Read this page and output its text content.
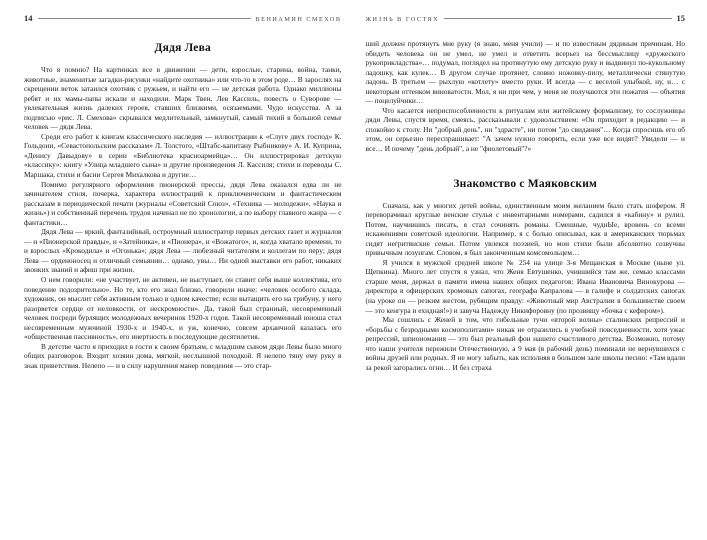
14	ВЕНИАМИН СМЕХОВ
Дядя Лева

Что я помню? На картинках все в движении — дети, взрослые, старина, война, танки, животные, знаменитые загадки-рисунки «найдите охотника» или что-то в этом роде… В зарослях на скрещении веток затаился охотник с ружьем, и найти его — не детская работа. Однако миллионы ребят и их мамы-папы искали и находили. Марк Твен, Лев Кассиль, повесть о Суворове — увлекательная жизнь далеких героев, ставших близкими, осязаемыми. Чудо искусства. А за подписью «рис. Л. Смехова» скрывался медлительный, замкнутый, самый тихий в большой семье человек — дядя Лева.

Среди его работ к книгам классического наследия — иллюстрации к «Слуге двух господ» К. Гольдони, «Севастопольским рассказам» Л. Толстого, «Штабс-капитану Рыбникову» А. И. Куприна, «Денису Давыдову» в серии «Библиотека красноармейца»… Он иллюстрировал детскую «классику»: книгу «Улица младшего сына» и другие произведения Л. Кассиля; стихи и переводы С. Маршака, стихи и басни Сергея Михалкова и другие…

Помимо регулярного оформления пионерской прессы, дядя Лева оказался едва ли не зачинателем стиля, почерка, характера иллюстраций к приключенческим и фантастическим рассказам в периодической печати (журналы «Советский Союз», «Техника — молодежи», «Наука и жизнь») и собственный перечень трудов начинал не по хронологии, а по выбору главного жанра — с фантастики…

Дядя Лева — яркий, фантазийный, остроумный иллюстратор первых детских газет и журналов — и «Пионерской правды», и «Затейника», и «Пионера», и «Вожатого», и, когда хватало времени, то и взрослых «Крокодила» и «Огонька»; дядя Лева — любезный читателям и коллегам по перу; дядя Лева — орденоносец и отличный семьянин… однако, увы… Ни одной выставки его работ, никаких звонких званий и афиш при жизни.

О нем говорили: «не участвует, не активен, не выступает, он ставит себя выше коллектива, его поведение подозрительно». Но те, кто его знал близко, говорили иначе: «человек особого склада, художник, он мыслит себя активным только в одном качестве; если вытащить его на трибуну, у него разорвется сердце от неловкости, от нескромности». Да, такой был странный, несовременный человек посреди бурлящих молодежных вечеринок 1920-х годов. Такой несовременный юноша стал несовременным мужчиной 1930-х и 1940-х, и уж, конечно, совсем архаичной казалась его «общественная пассивность», его инертность в последующие десятилетия.

В детстве часто я приходил в гости к своим братьям, с младшим сыном дяди Левы было много общих разговоров. Входит хозяин дома, мягкой, неслышной походкой. Я нелепо тяну ему руку в знак приветствия. Нелепо — и в силу нарушения манер поведения — это стар-

ЖИЗНЬ В ГОСТЯХ	15

ший должен протянуть мне руку (я знаю, меня учили) — и по известным дядиным причинам. Но обидеть человека он не умел, не умел и ответить всерьез на бессмыслицу «дружеского рукоприкладства»… подумал, поглядел на протянутую ему детскую руку и выдвинул по-кукольному ладошку, как кулек… В другом случае протянет, словно ножовку-пилу, металлически стянутую ладонь. В третьем — рыхлую «котлету» вместо руки. И всегда — с веселой улыбкой, ну, и… с некоторым оттенком виноватости. Мол, я ни при чем, у меня не получаются эти пожатия — объятия — поцелуйчики…

Что касается неприспособленности к ритуалам или житейскому формализму, то сослуживцы дяди Левы, спустя время, смеясь, рассказывали с удовольствием: «Он приходит в редакцию — и спокойно к столу. Ни "добрый день", ни "здрасте", ни потом "до свидания"… Когда спросишь его об этом, он серьезно переспрашивает: "А зачем нужно говорить, если уже все видят? Увидели — и все… И почему "день добрый", а не "фиолетовый"?»

Знакомство с Маяковским

Сначала, как у многих детей войны, единственным моим желанием было стать шофером. Я переворачивал круглые венские стулья с инвентарными номерами, садился в «кабину» и рулил. Потом, научившись писать, я стал сочинять романы. Смешные, чуднЫе, вровень со всеми искажениями советской идеологии. Например, я с болью описывал, как в американских тюрьмах сидят негритянские семьи. Потом увлекся поэзией, но мои стихи были абсолютно созвучны привычным лозунгам. Словом, я был законченным комсомольцем…

Я учился в мужской средней школе № 254 на улице 3-я Мещанская в Москве (ныне ул. Щепкина). Много лет спустя я узнал, что Женя Евтушенко, учившийся там же, семью классами старше меня, держал в памяти имена наших общих педагогов: Ивана Ивановича Винокурова — директора в офицерских хромовых сапогах, географа Капралова — в галифе и солдатских сапогах (на уроке он — резким жестом, рубящим правду: «Животный мир Австралии в большинстве своем — это кенгура и ехидная!») и завуча Надежду Никифоровну (по прозвищу «бочка с кефиром»).

Мы сошлись с Женей в том, что гибельные тучи «второй волны» сталинских репрессий и «борьбы с безродными космополитами» никак не отразились в учебной повседневности, хотя ужас репрессий, шпиономания — это был реальный фон нашего счастливого детства. Возможно, потому что наши учителя пережили Отечественную, а 9 мая (в рабочий день) поминали не вернувшихся с войны друзей или родных. Я не могу забыть, как исполняя в большом зале школы песню: «Там вдали за рекой загорались огни… И без страха
